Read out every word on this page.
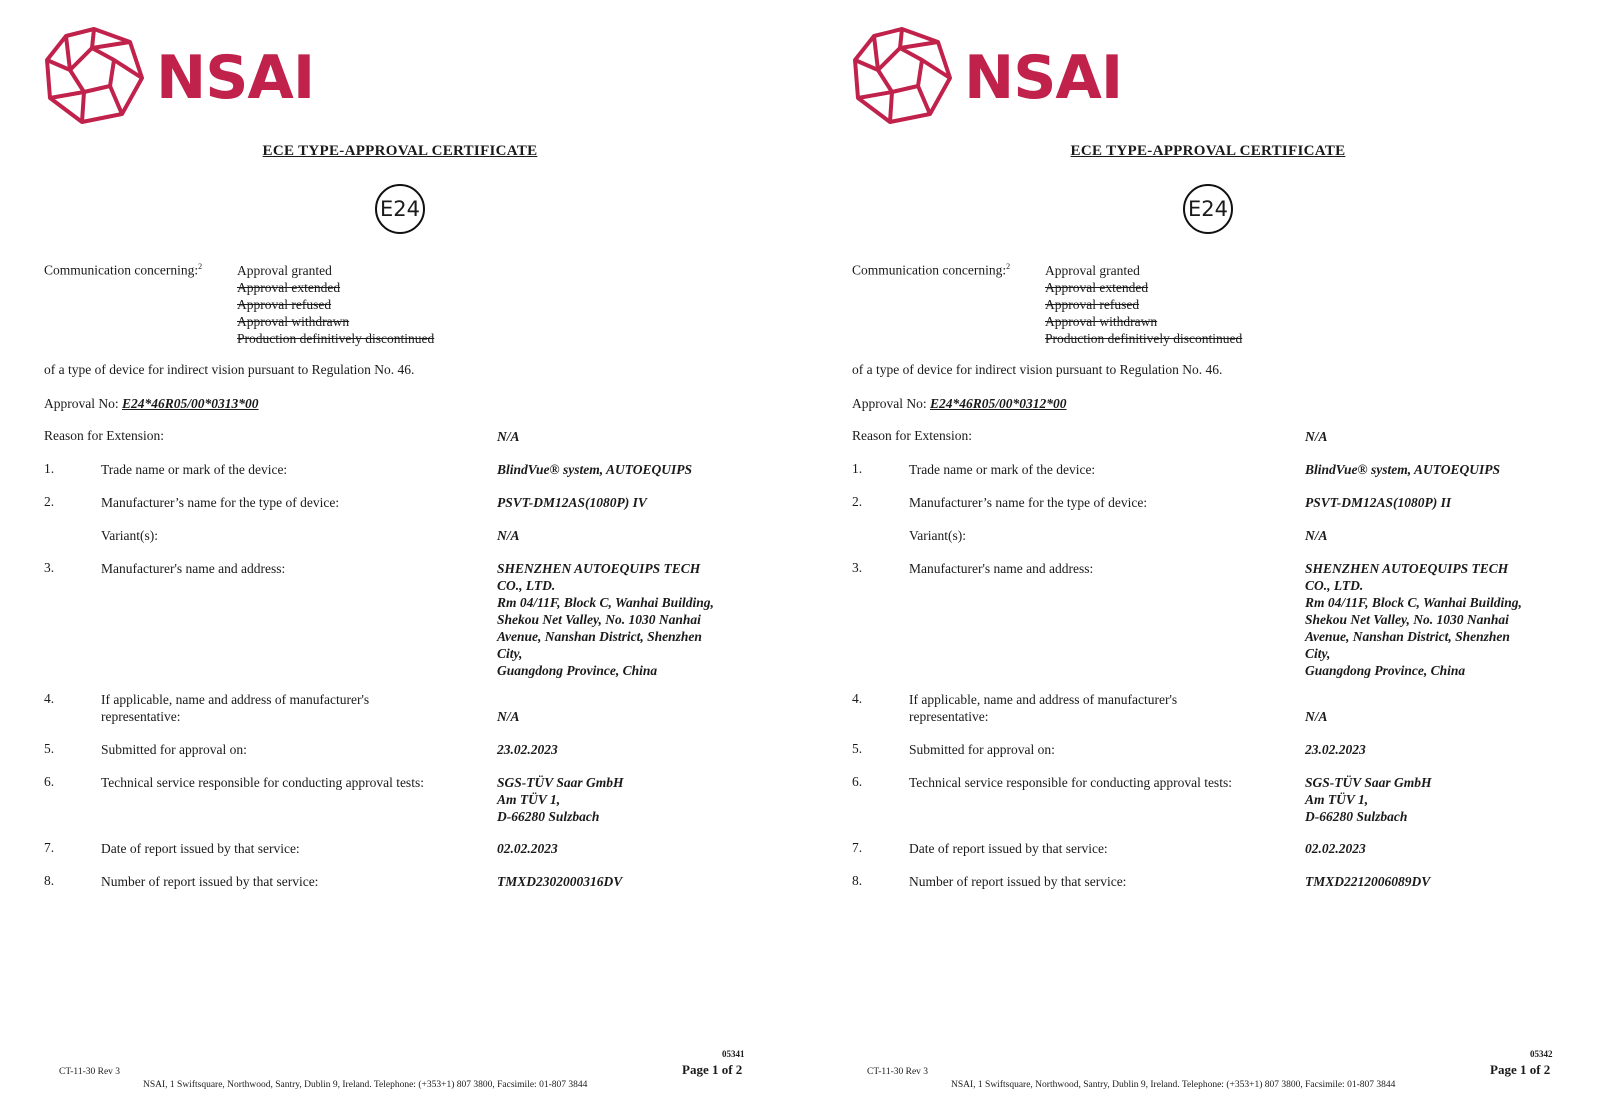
NSAI
ECE TYPE-APPROVAL CERTIFICATE
E24
Communication concerning:$^2$	Approval granted
Approval extended
Approval refused
Approval withdrawn
Production definitively discontinued
of a type of device for indirect vision pursuant to Regulation No. 46.
Approval No: E24*46R05/00*0313*00
Reason for Extension:	N/A
1.	Trade name or mark of the device:	BlindVue® system, AUTOEQUIPS
2.	Manufacturer’s name for the type of device:	PSVT-DM12AS(1080P) IV
Variant(s):	N/A
3.	Manufacturer's name and address:	SHENZHEN AUTOEQUIPS TECH
CO., LTD.
Rm 04/11F, Block C, Wanhai Building,
Shekou Net Valley, No. 1030 Nanhai
Avenue, Nanshan District, Shenzhen
City,
Guangdong Province, China
4.	If applicable, name and address of manufacturer's
representative:	N/A
5.	Submitted for approval on:	23.02.2023
6.	Technical service responsible for conducting approval tests:	SGS-TÜV Saar GmbH
Am TÜV 1,
D-66280 Sulzbach
7.	Date of report issued by that service:	02.02.2023
8.	Number of report issued by that service:	TMXD2302000316DV
CT-11-30 Rev 3
NSAI, 1 Swiftsquare, Northwood, Santry, Dublin 9, Ireland. Telephone: (+353+1) 807 3800, Facsimile: 01-807 3844
05341
Page 1 of 2
NSAI
ECE TYPE-APPROVAL CERTIFICATE
E24
Communication concerning:$^2$	Approval granted
Approval extended
Approval refused
Approval withdrawn
Production definitively discontinued
of a type of device for indirect vision pursuant to Regulation No. 46.
Approval No: E24*46R05/00*0312*00
Reason for Extension:	N/A
1.	Trade name or mark of the device:	BlindVue® system, AUTOEQUIPS
2.	Manufacturer’s name for the type of device:	PSVT-DM12AS(1080P) II
Variant(s):	N/A
3.	Manufacturer's name and address:	SHENZHEN AUTOEQUIPS TECH
CO., LTD.
Rm 04/11F, Block C, Wanhai Building,
Shekou Net Valley, No. 1030 Nanhai
Avenue, Nanshan District, Shenzhen
City,
Guangdong Province, China
4.	If applicable, name and address of manufacturer's
representative:	N/A
5.	Submitted for approval on:	23.02.2023
6.	Technical service responsible for conducting approval tests:	SGS-TÜV Saar GmbH
Am TÜV 1,
D-66280 Sulzbach
7.	Date of report issued by that service:	02.02.2023
8.	Number of report issued by that service:	TMXD2212006089DV
CT-11-30 Rev 3
NSAI, 1 Swiftsquare, Northwood, Santry, Dublin 9, Ireland. Telephone: (+353+1) 807 3800, Facsimile: 01-807 3844
05342
Page 1 of 2
